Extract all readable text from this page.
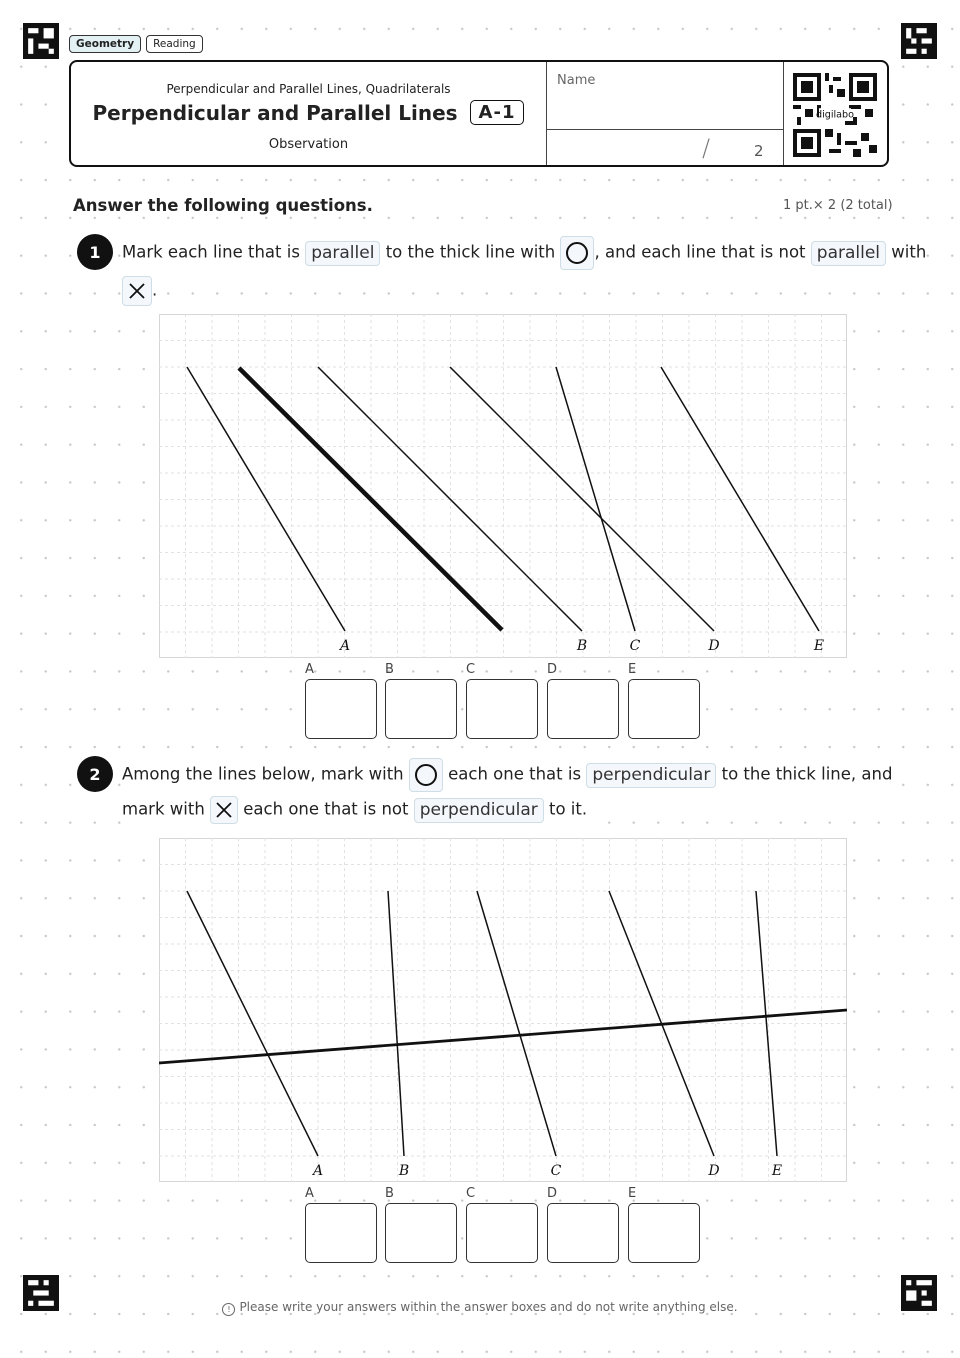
Geometry	Reading
Perpendicular and Parallel Lines, Quadrilaterals
Perpendicular and Parallel Lines	A-1
Observation
Name
/	2
digilabo
Answer the following questions.	1 pt.× 2 (2 total)
1	Mark each line that is parallel to the thick line with , and each line that is not parallel with
.
A	B	C	D	E
A	B	C	D	E
2	Among the lines below, mark with	each one that is perpendicular to the thick line, and
mark with each one that is not perpendicular to it.
A	B	C	D	E
A	B	C	D	E
! Please write your answers within the answer boxes and do not write anything else.
